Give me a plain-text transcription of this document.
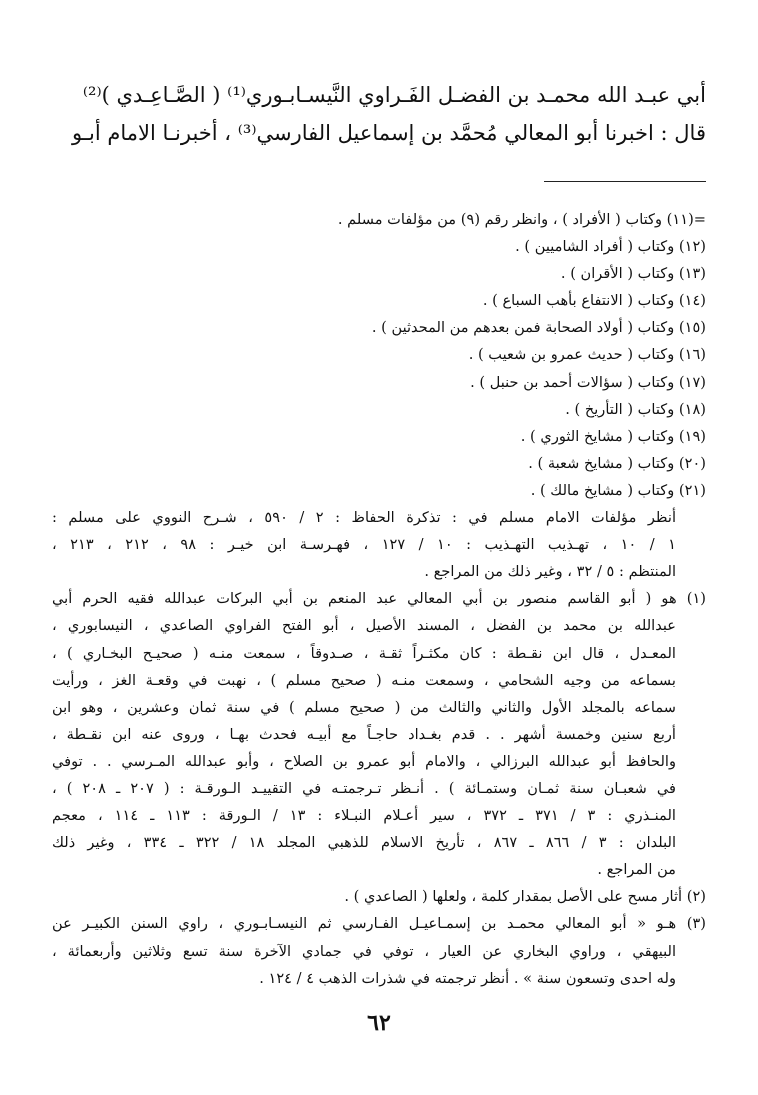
أبي عبـد الله محمـد بن الفضـل الفَـراوي النَّيسـابـوري⁽¹⁾ ( الصَّـاعِـدي )⁽²⁾
قال : اخبرنا أبو المعالي مُحمَّد بن إسماعيل الفارسي⁽³⁾ ، أخبرنـا الامام أبـو
=(١١) وكتاب ( الأفراد ) ، وانظر رقم (٩) من مؤلفات مسلم .
(١٢) وكتاب ( أفراد الشاميين ) .
(١٣) وكتاب ( الأقران ) .
(١٤) وكتاب ( الانتفاع بأهب السباع ) .
(١٥) وكتاب ( أولاد الصحابة فمن بعدهم من المحدثين ) .
(١٦) وكتاب ( حديث عمرو بن شعيب ) .
(١٧) وكتاب ( سؤالات أحمد بن حنبل ) .
(١٨) وكتاب ( التأريخ ) .
(١٩) وكتاب ( مشايخ الثوري ) .
(٢٠) وكتاب ( مشايخ شعبة ) .
(٢١) وكتاب ( مشايخ مالك ) .
أنظر مؤلفات الامام مسلم في : تذكرة الحفاظ : ٢ / ٥٩٠ ، شـرح النووي على مسلم :
١ / ١٠ ، تهـذيب التهـذيب : ١٠ / ١٢٧ ، فهـرسـة ابن خيـر : ٩٨ ، ٢١٢ ، ٢١٣ ،
المنتظم : ٥ / ٣٢ ، وغير ذلك من المراجع .
(١) هو ( أبو القاسم منصور بن أبي المعالي عبد المنعم بن أبي البركات عبدالله فقيه الحرم أبي
عبدالله بن محمد بن الفضل ، المسند الأصيل ، أبو الفتح الفراوي الصاعدي ، النيسابوري ،
المعـدل ، قال ابن نقـطة : كان مكثـراً ثقـة ، صـدوقاً ، سمعت منـه ( صحيـح البخـاري ) ،
بسماعه من وجيه الشحامي ، وسمعت منـه ( صحيح مسلم ) ، نهبت في وقعـة الغز ، ورأيت
سماعه بالمجلد الأول والثاني والثالث من ( صحيح مسلم ) في سنة ثمان وعشرين ، وهو ابن
أربع سنين وخمسة أشهر . . قدم بغـداد حاجـاً مع أبيـه فحدث بهـا ، وروى عنه ابن نقـطة ،
والحافظ أبو عبدالله البرزالي ، والامام أبو عمرو بن الصلاح ، وأبو عبدالله المـرسي . . توفي
في شعبـان سنة ثمـان وستمـائة ) . أنـظر تـرجمتـه في التقييـد الـورقـة : ( ٢٠٧ ـ ٢٠٨ ) ،
المنـذري : ٣ / ٣٧١ ـ ٣٧٢ ، سير أعـلام النبـلاء : ١٣ / الـورقة : ١١٣ ـ ١١٤ ، معجم
البلدان : ٣ / ٨٦٦ ـ ٨٦٧ ، تأريخ الاسلام للذهبي المجلد ١٨ / ٣٢٢ ـ ٣٣٤ ، وغير ذلك
من المراجع .
(٢) أثار مسح على الأصل بمقدار كلمة ، ولعلها ( الصاعدي ) .
(٣) هـو « أبو المعالي محمـد بن إسمـاعيـل الفـارسي ثم النيسـابـوري ، راوي السنن الكبيـر عن
البيهقي ، وراوي البخاري عن العيار ، توفي في جمادي الآخرة سنة تسع وثلاثين وأربعمائة ،
وله احدى وتسعون سنة » . أنظر ترجمته في شذرات الذهب ٤ / ١٢٤ .
٦٢
